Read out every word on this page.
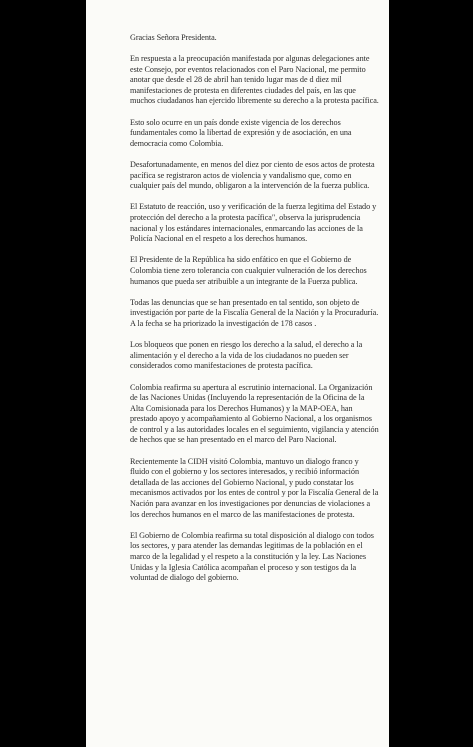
Gracias Señora Presidenta.

En respuesta a la preocupación manifestada por algunas delegaciones ante este Consejo, por eventos relacionados con el Paro Nacional, me permito anotar que desde el 28 de abril han tenido lugar mas de d diez mil manifestaciones de protesta en diferentes ciudades del país, en las que muchos ciudadanos han ejercido libremente su derecho a la protesta pacífica.

Esto solo ocurre en un país donde existe vigencia de los derechos fundamentales como la libertad de expresión y de asociación, en una democracia como Colombia.

Desafortunadamente, en menos del diez por ciento de esos actos de protesta pacífica se registraron actos de violencia y vandalismo que, como en cualquier país del mundo, obligaron a la intervención de la fuerza publica.

El Estatuto de reacción, uso y verificación de la fuerza legitima del Estado y protección del derecho a la protesta pacífica", observa la jurisprudencia nacional y los estándares internacionales, enmarcando las acciones de la Policía Nacional en el respeto a los derechos humanos.

El Presidente de la República ha sido enfático en que el Gobierno de Colombia tiene zero tolerancia con cualquier vulneración de los derechos humanos que pueda ser atribuible a un integrante de la Fuerza publica.

Todas las denuncias que se han presentado en tal sentido, son objeto de investigación por parte de la Fiscalía General de la Nación y la Procuraduría. A la fecha se ha priorizado la investigación de 178 casos .

Los bloqueos que ponen en riesgo los derecho a la salud, el derecho a la alimentación y el derecho a la vida de los ciudadanos no pueden ser considerados como manifestaciones de protesta pacífica.

Colombia reafirma su apertura al escrutinio internacional. La Organización de las Naciones Unidas (Incluyendo la representación de la Oficina de la Alta Comisionada para los Derechos Humanos) y la MAP-OEA, han prestado apoyo y acompañamiento al Gobierno Nacional, a los organismos de control y a las autoridades locales en el seguimiento, vigilancia y atención de hechos que se han presentado en el marco del Paro Nacional.

Recientemente la CIDH visitó Colombia, mantuvo un dialogo franco y fluido con el gobierno y los sectores interesados, y recibió información detallada de las acciones del Gobierno Nacional, y pudo constatar los mecanismos activados por los entes de control y por la Fiscalía General de la Nación para avanzar en los investigaciones por denuncias de violaciones a los derechos humanos en el marco de las manifestaciones de protesta.

El Gobierno de Colombia reafirma su total disposición al dialogo con todos los sectores, y para atender las demandas legitimas de la población en el marco de la legalidad y el respeto a la constitución y la ley. Las Naciones Unidas y la Iglesia Católica acompañan el proceso y son testigos da la voluntad de dialogo del gobierno.
